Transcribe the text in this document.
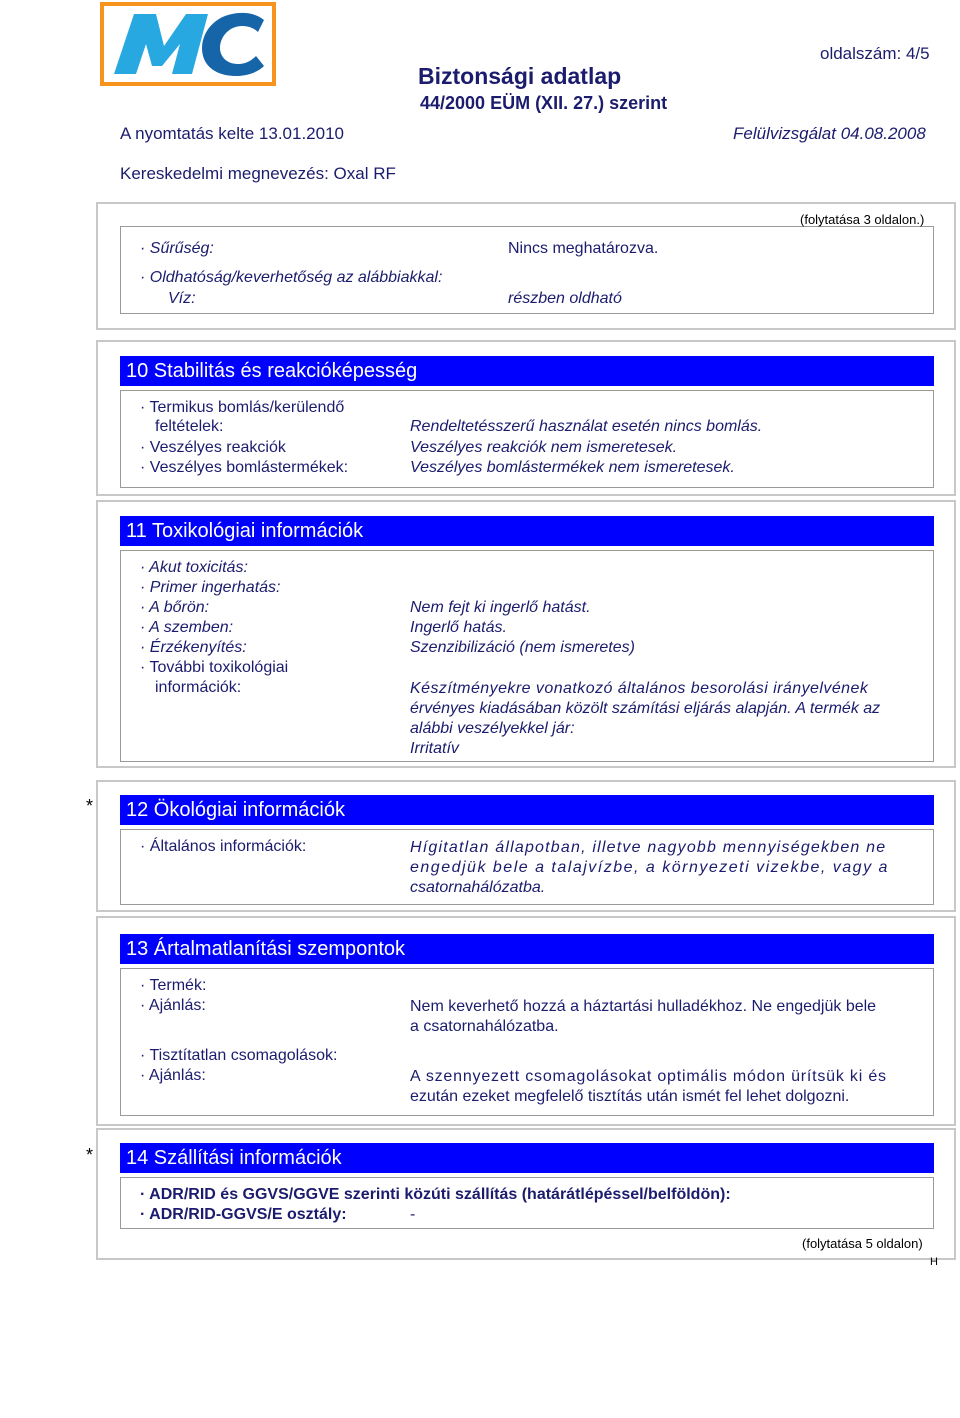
Biztonsági adatlap
44/2000 EÜM (XII. 27.) szerint
oldalszám: 4/5
A nyomtatás kelte 13.01.2010	Felülvizsgálat 04.08.2008
Kereskedelmi megnevezés: Oxal RF
(folytatása 3 oldalon.)
· Sűrűség:	Nincs meghatározva.
· Oldhatóság/keverhetőség az alábbiakkal:
Víz:	részben oldható
10 Stabilitás és reakcióképesség
· Termikus bomlás/kerülendő
feltételek:	Rendeltetésszerű használat esetén nincs bomlás.
· Veszélyes reakciók	Veszélyes reakciók nem ismeretesek.
· Veszélyes bomlástermékek:	Veszélyes bomlástermékek nem ismeretesek.
11 Toxikológiai információk
· Akut toxicitás:
· Primer ingerhatás:
· A bőrön:	Nem fejt ki ingerlő hatást.
· A szemben:	Ingerlő hatás.
· Érzékenyítés:	Szenzibilizáció (nem ismeretes)
· További toxikológiai
információk:	Készítményekre vonatkozó általános besorolási irányelvének
érvényes kiadásában közölt számítási eljárás alapján. A termék az
alábbi veszélyekkel jár:
Irritatív
*	12 Ökológiai információk
· Általános információk:	Hígitatlan állapotban, illetve nagyobb mennyiségekben ne
engedjük bele a talajvízbe, a környezeti vizekbe, vagy a
csatornahálózatba.
13 Ártalmatlanítási szempontok
· Termék:
· Ajánlás:	Nem keverhető hozzá a háztartási hulladékhoz. Ne engedjük bele
a csatornahálózatba.
· Tisztítatlan csomagolások:
· Ajánlás:	A szennyezett csomagolásokat optimális módon ürítsük ki és
ezután ezeket megfelelő tisztítás után ismét fel lehet dolgozni.
*	14 Szállítási információk
· ADR/RID és GGVS/GGVE szerinti közúti szállítás (határátlépéssel/belföldön):
· ADR/RID-GGVS/E osztály:	-
(folytatása 5 oldalon)
H
